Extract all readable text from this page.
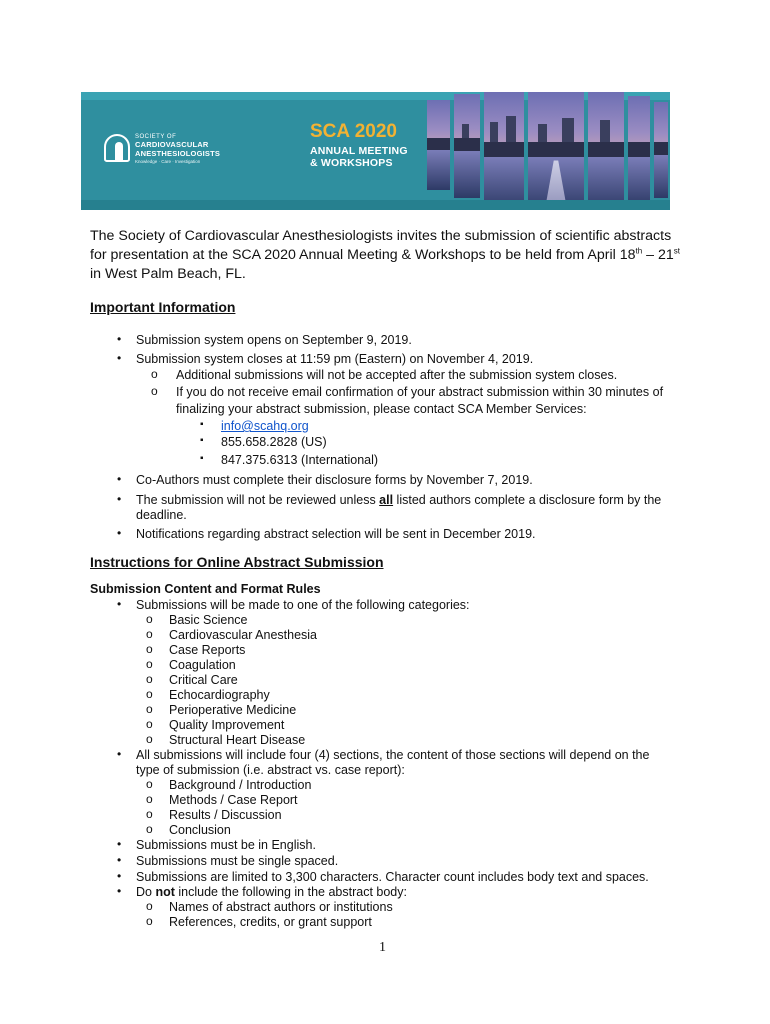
SOCIETY OF
CARDIOVASCULAR
ANESTHESIOLOGISTS
Knowledge · Care · Investigation
SCA 2020
ANNUAL MEETING
& WORKSHOPS
The Society of Cardiovascular Anesthesiologists invites the submission of scientific abstracts
for presentation at the SCA 2020 Annual Meeting & Workshops to be held from April 18th – 21st
in West Palm Beach, FL.
Important Information
• Submission system opens on September 9, 2019.
• Submission system closes at 11:59 pm (Eastern) on November 4, 2019.
o Additional submissions will not be accepted after the submission system closes.
o If you do not receive email confirmation of your abstract submission within 30 minutes of
finalizing your abstract submission, please contact SCA Member Services:
▪ info@scahq.org
▪ 855.658.2828 (US)
▪ 847.375.6313 (International)
• Co-Authors must complete their disclosure forms by November 7, 2019.
• The submission will not be reviewed unless all listed authors complete a disclosure form by the
deadline.
• Notifications regarding abstract selection will be sent in December 2019.
Instructions for Online Abstract Submission
Submission Content and Format Rules
• Submissions will be made to one of the following categories:
o Basic Science
o Cardiovascular Anesthesia
o Case Reports
o Coagulation
o Critical Care
o Echocardiography
o Perioperative Medicine
o Quality Improvement
o Structural Heart Disease
• All submissions will include four (4) sections, the content of those sections will depend on the
type of submission (i.e. abstract vs. case report):
o Background / Introduction
o Methods / Case Report
o Results / Discussion
o Conclusion
• Submissions must be in English.
• Submissions must be single spaced.
• Submissions are limited to 3,300 characters. Character count includes body text and spaces.
• Do not include the following in the abstract body:
o Names of abstract authors or institutions
o References, credits, or grant support
1
